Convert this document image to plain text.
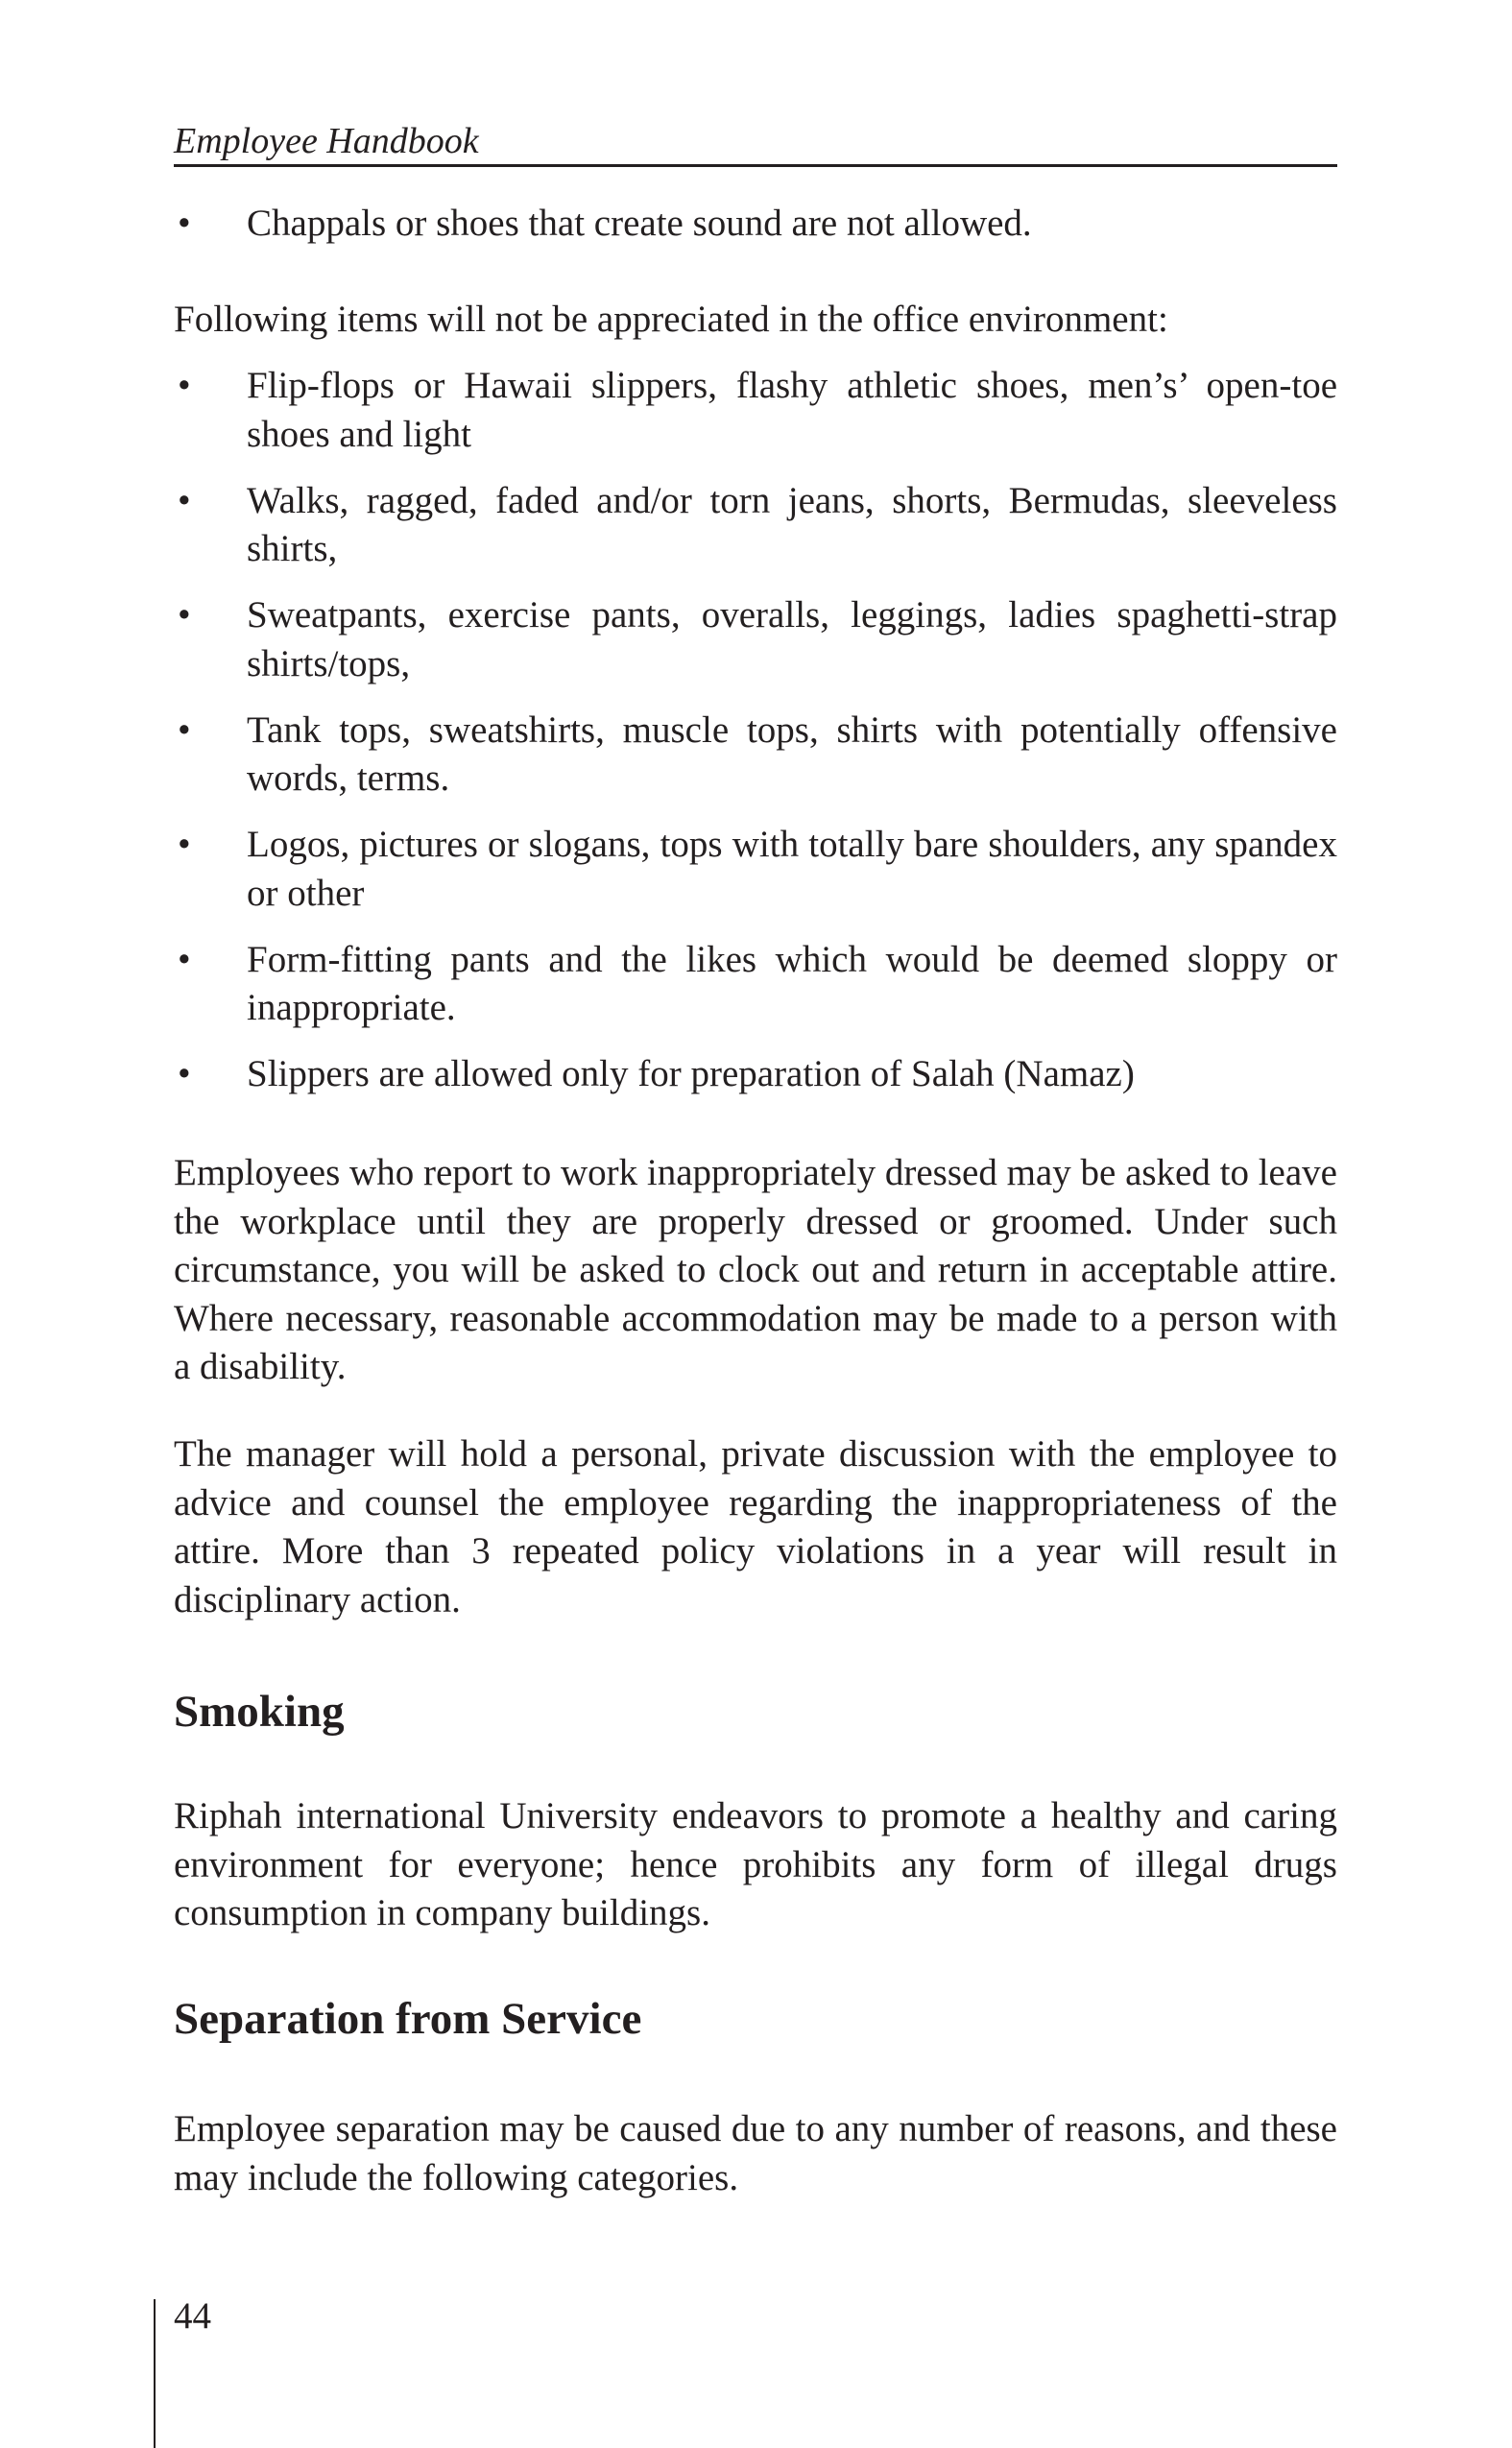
Employee Handbook
• Chappals or shoes that create sound are not allowed.

Following items will not be appreciated in the office environment:

• Flip-flops or Hawaii slippers, flashy athletic shoes, men’s’ open-toe shoes and light
• Walks, ragged, faded and/or torn jeans, shorts, Bermudas, sleeveless shirts,
• Sweatpants, exercise pants, overalls, leggings, ladies spaghetti-strap shirts/tops,
• Tank tops, sweatshirts, muscle tops, shirts with potentially offensive words, terms.
• Logos, pictures or slogans, tops with totally bare shoulders, any spandex or other
• Form-fitting pants and the likes which would be deemed sloppy or inappropriate.
• Slippers are allowed only for preparation of Salah (Namaz)

Employees who report to work inappropriately dressed may be asked to leave the workplace until they are properly dressed or groomed. Under such circumstance, you will be asked to clock out and return in acceptable attire. Where necessary, reasonable accommodation may be made to a person with a disability.

The manager will hold a personal, private discussion with the employee to advice and counsel the employee regarding the inappropriateness of the attire. More than 3 repeated policy violations in a year will result in disciplinary action.

Smoking

Riphah international University endeavors to promote a healthy and caring environment for everyone; hence prohibits any form of illegal drugs consumption in company buildings.

Separation from Service

Employee separation may be caused due to any number of reasons, and these may include the following categories.

44
